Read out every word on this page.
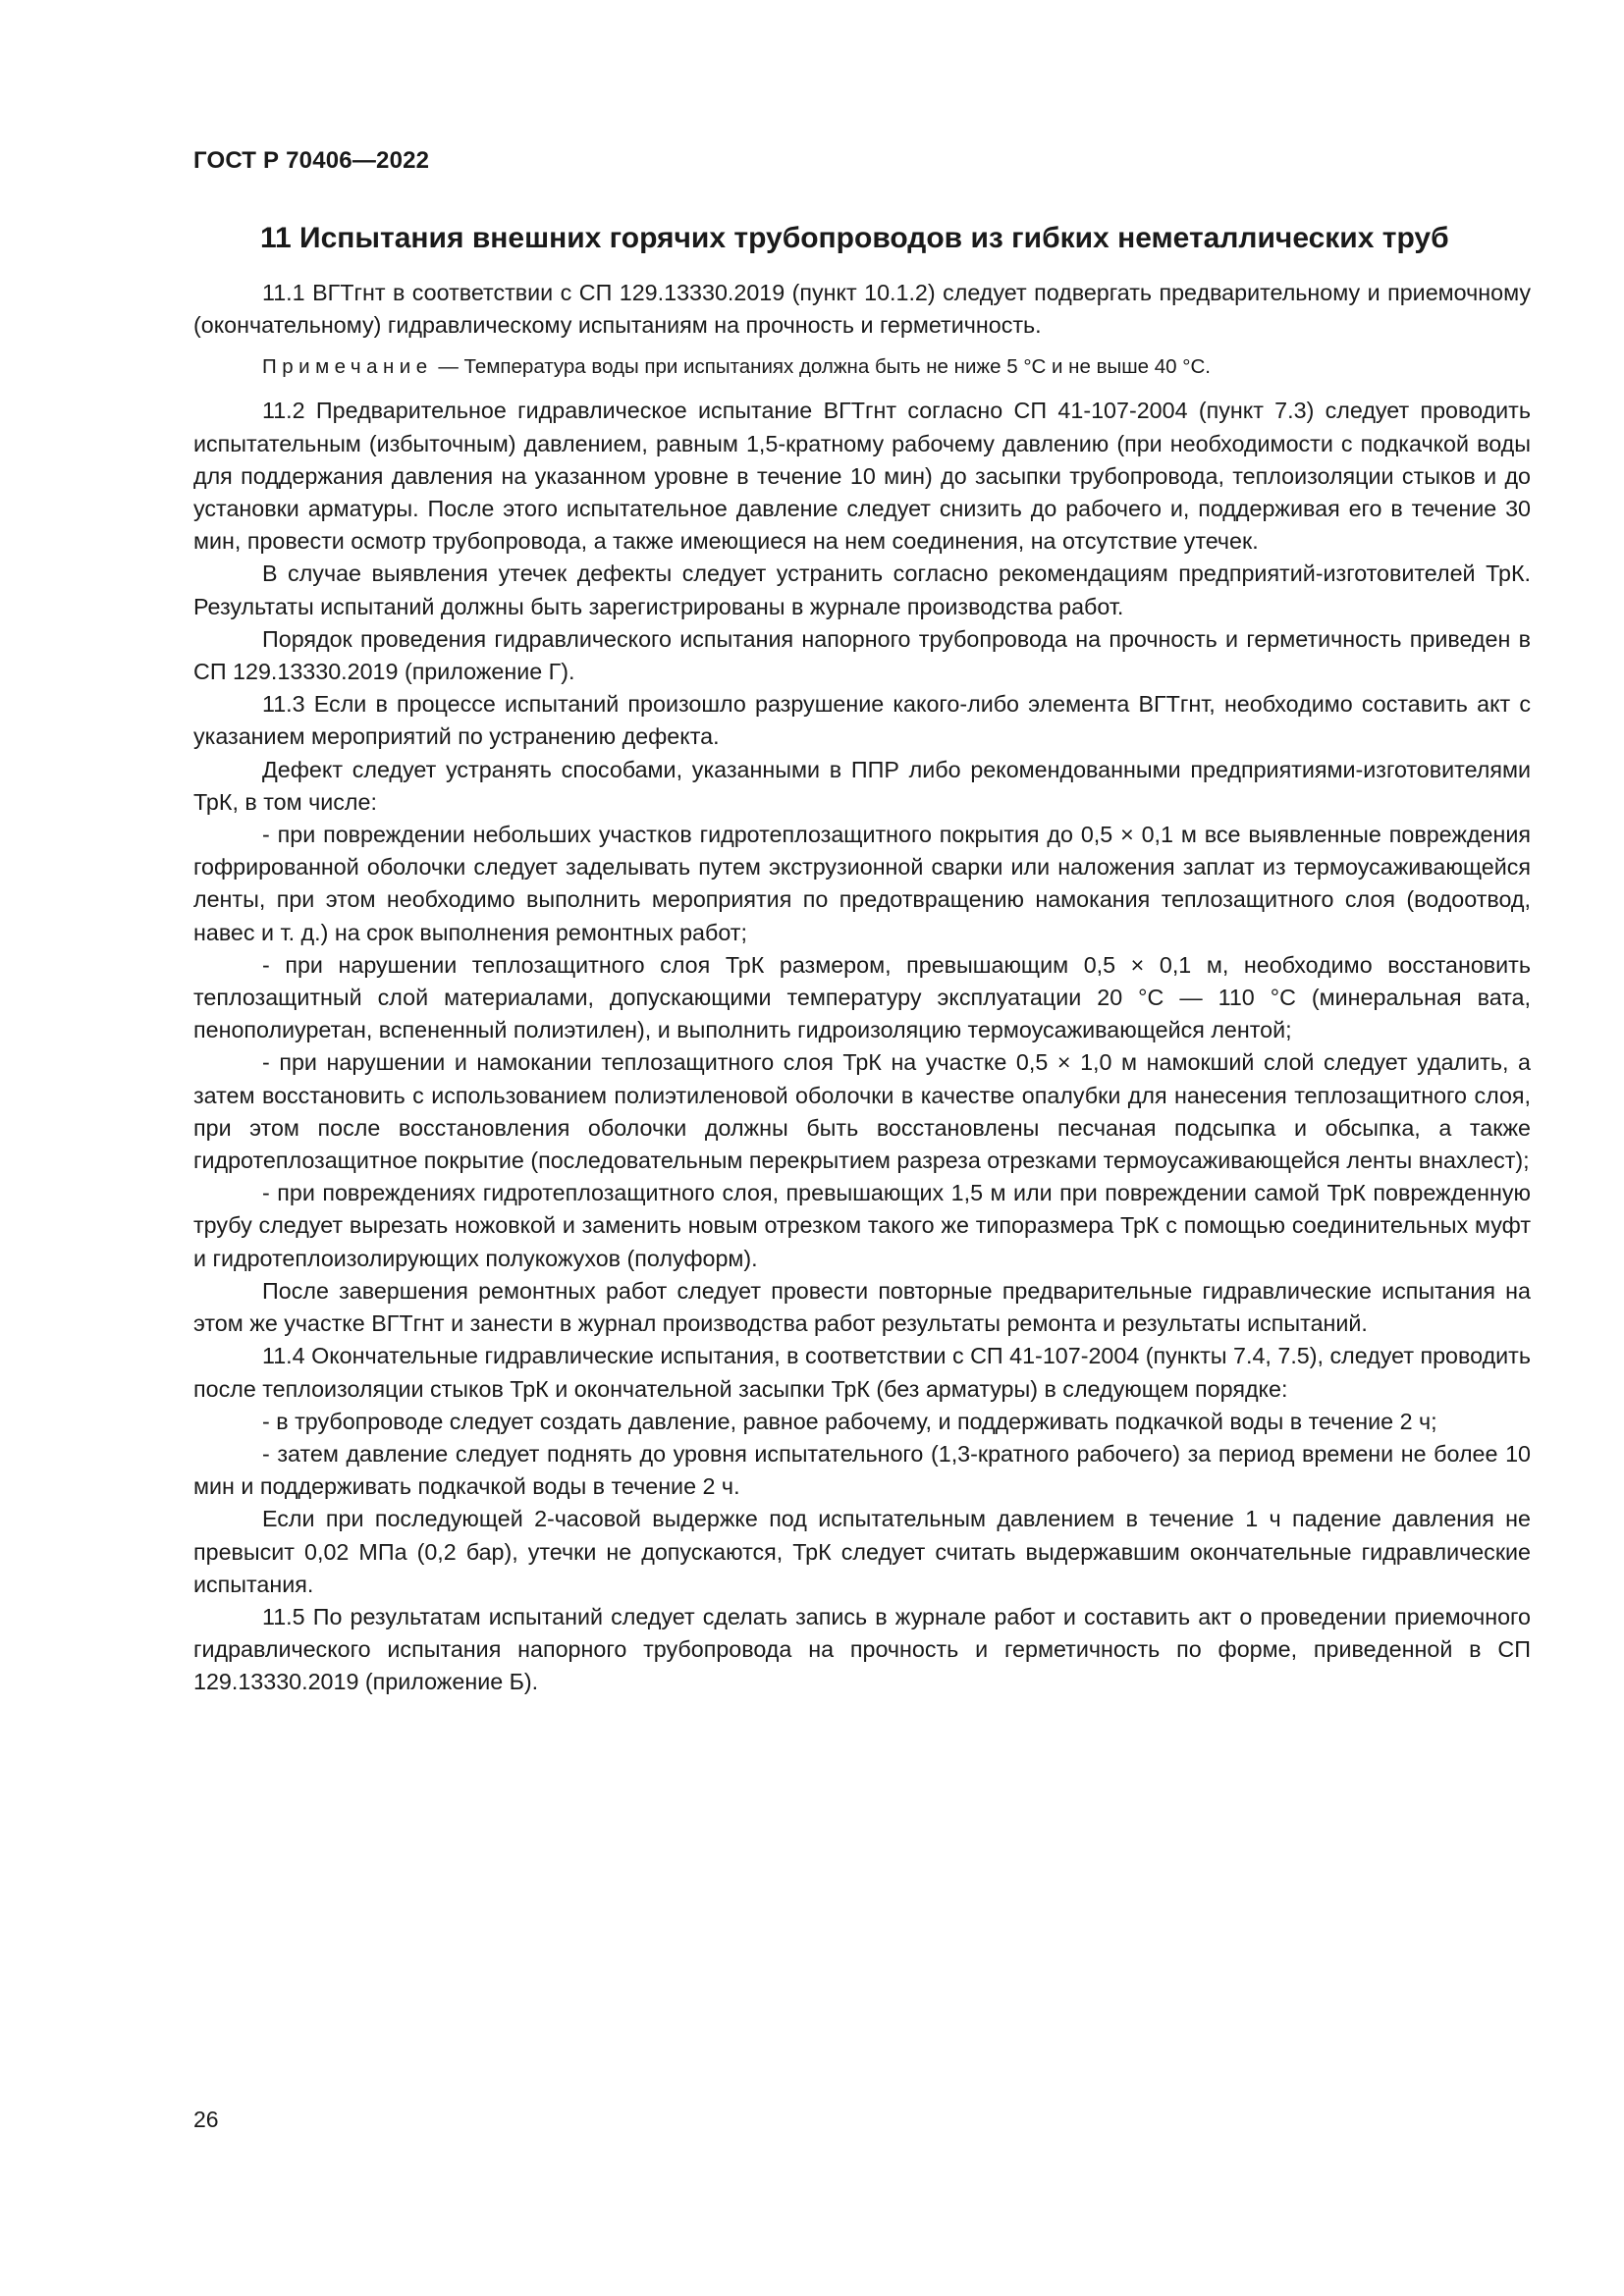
ГОСТ Р 70406—2022
11 Испытания внешних горячих трубопроводов из гибких неметаллических труб

11.1 ВГТгнт в соответствии с СП 129.13330.2019 (пункт 10.1.2) следует подвергать предварительному и приемочному (окончательному) гидравлическому испытаниям на прочность и герметичность.

Примечание — Температура воды при испытаниях должна быть не ниже 5 °С и не выше 40 °С.

11.2 Предварительное гидравлическое испытание ВГТгнт согласно СП 41-107-2004 (пункт 7.3) следует проводить испытательным (избыточным) давлением, равным 1,5-кратному рабочему давлению (при необходимости с подкачкой воды для поддержания давления на указанном уровне в течение 10 мин) до засыпки трубопровода, теплоизоляции стыков и до установки арматуры. После этого испытательное давление следует снизить до рабочего и, поддерживая его в течение 30 мин, провести осмотр трубопровода, а также имеющиеся на нем соединения, на отсутствие утечек.

В случае выявления утечек дефекты следует устранить согласно рекомендациям предприятий-изготовителей ТрК. Результаты испытаний должны быть зарегистрированы в журнале производства работ.

Порядок проведения гидравлического испытания напорного трубопровода на прочность и герметичность приведен в СП 129.13330.2019 (приложение Г).

11.3 Если в процессе испытаний произошло разрушение какого-либо элемента ВГТгнт, необходимо составить акт с указанием мероприятий по устранению дефекта.

Дефект следует устранять способами, указанными в ППР либо рекомендованными предприятиями-изготовителями ТрК, в том числе:

- при повреждении небольших участков гидротеплозащитного покрытия до 0,5 × 0,1 м все выявленные повреждения гофрированной оболочки следует заделывать путем экструзионной сварки или наложения заплат из термоусаживающейся ленты, при этом необходимо выполнить мероприятия по предотвращению намокания теплозащитного слоя (водоотвод, навес и т. д.) на срок выполнения ремонтных работ;

- при нарушении теплозащитного слоя ТрК размером, превышающим 0,5 × 0,1 м, необходимо восстановить теплозащитный слой материалами, допускающими температуру эксплуатации 20 °С — 110 °С (минеральная вата, пенополиуретан, вспененный полиэтилен), и выполнить гидроизоляцию термоусаживающейся лентой;

- при нарушении и намокании теплозащитного слоя ТрК на участке 0,5 × 1,0 м намокший слой следует удалить, а затем восстановить с использованием полиэтиленовой оболочки в качестве опалубки для нанесения теплозащитного слоя, при этом после восстановления оболочки должны быть восстановлены песчаная подсыпка и обсыпка, а также гидротеплозащитное покрытие (последовательным перекрытием разреза отрезками термоусаживающейся ленты внахлест);

- при повреждениях гидротеплозащитного слоя, превышающих 1,5 м или при повреждении самой ТрК поврежденную трубу следует вырезать ножовкой и заменить новым отрезком такого же типоразмера ТрК с помощью соединительных муфт и гидротеплоизолирующих полукожухов (полуформ).

После завершения ремонтных работ следует провести повторные предварительные гидравлические испытания на этом же участке ВГТгнт и занести в журнал производства работ результаты ремонта и результаты испытаний.

11.4 Окончательные гидравлические испытания, в соответствии с СП 41-107-2004 (пункты 7.4, 7.5), следует проводить после теплоизоляции стыков ТрК и окончательной засыпки ТрК (без арматуры) в следующем порядке:

- в трубопроводе следует создать давление, равное рабочему, и поддерживать подкачкой воды в течение 2 ч;

- затем давление следует поднять до уровня испытательного (1,3-кратного рабочего) за период времени не более 10 мин и поддерживать подкачкой воды в течение 2 ч.

Если при последующей 2-часовой выдержке под испытательным давлением в течение 1 ч падение давления не превысит 0,02 МПа (0,2 бар), утечки не допускаются, ТрК следует считать выдержавшим окончательные гидравлические испытания.

11.5 По результатам испытаний следует сделать запись в журнале работ и составить акт о проведении приемочного гидравлического испытания напорного трубопровода на прочность и герметичность по форме, приведенной в СП 129.13330.2019 (приложение Б).

26
